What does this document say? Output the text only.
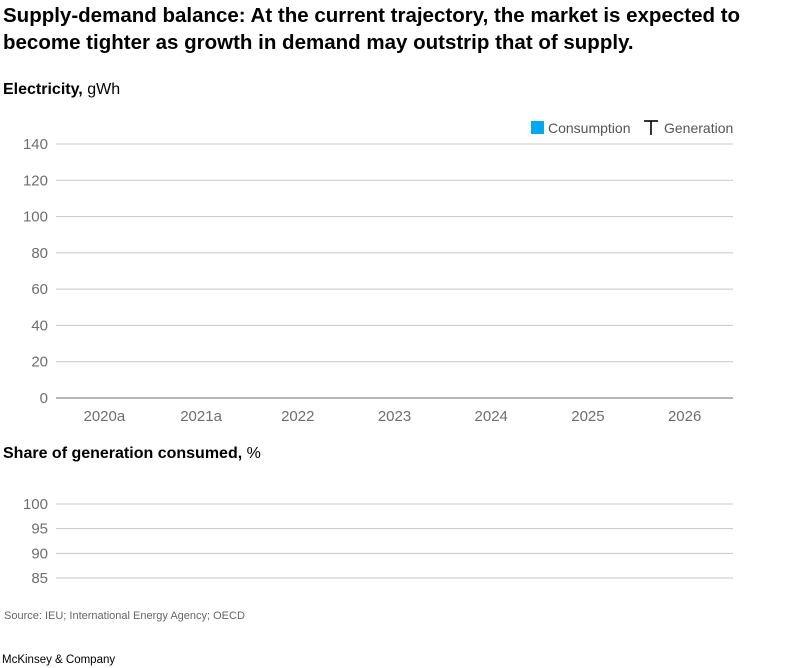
Supply-demand balance: At the current trajectory, the market is expected to become tighter as growth in demand may outstrip that of supply.
Electricity, gWh
0
20
40
60
80
100
120
140
2020a	2021a	2022	2023	2024	2025	2026
Consumption Generation
Share of generation consumed, %
85
90
95
100
Source: IEU; International Energy Agency; OECD
McKinsey & Company
